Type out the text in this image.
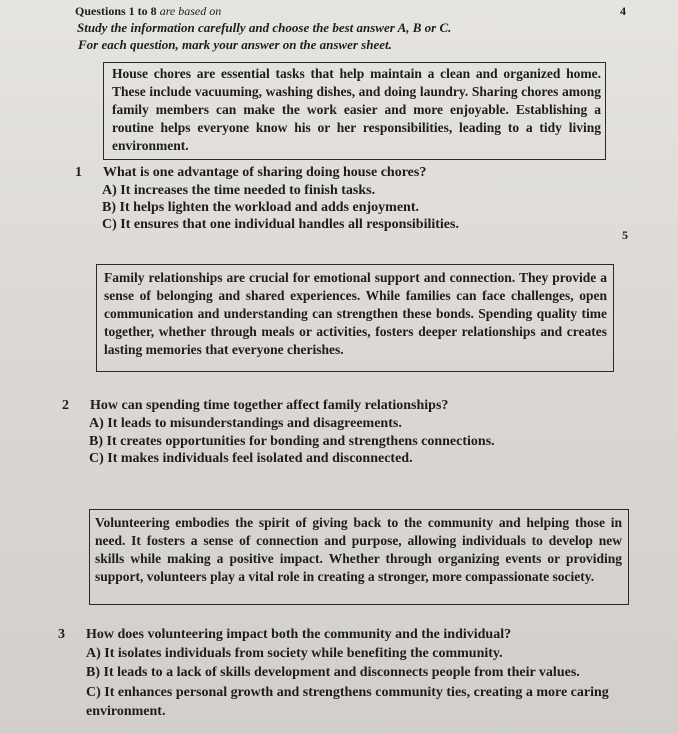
Questions 1 to 8 are based on	4
Study the information carefully and choose the best answer A, B or C.
For each question, mark your answer on the answer sheet.
House chores are essential tasks that help maintain a clean and organized home. These include vacuuming, washing dishes, and doing laundry. Sharing chores among family members can make the work easier and more enjoyable. Establishing a routine helps everyone know his or her responsibilities, leading to a tidy living environment.
1 What is one advantage of sharing doing house chores?
A) It increases the time needed to finish tasks.
B) It helps lighten the workload and adds enjoyment.
C) It ensures that one individual handles all responsibilities.
5
Family relationships are crucial for emotional support and connection. They provide a sense of belonging and shared experiences. While families can face challenges, open communication and understanding can strengthen these bonds. Spending quality time together, whether through meals or activities, fosters deeper relationships and creates lasting memories that everyone cherishes.
2 How can spending time together affect family relationships?
A) It leads to misunderstandings and disagreements.
B) It creates opportunities for bonding and strengthens connections.
C) It makes individuals feel isolated and disconnected.
Volunteering embodies the spirit of giving back to the community and helping those in need. It fosters a sense of connection and purpose, allowing individuals to develop new skills while making a positive impact. Whether through organizing events or providing support, volunteers play a vital role in creating a stronger, more compassionate society.
3 How does volunteering impact both the community and the individual?
A) It isolates individuals from society while benefiting the community.
B) It leads to a lack of skills development and disconnects people from their values.
C) It enhances personal growth and strengthens community ties, creating a more caring environment.
